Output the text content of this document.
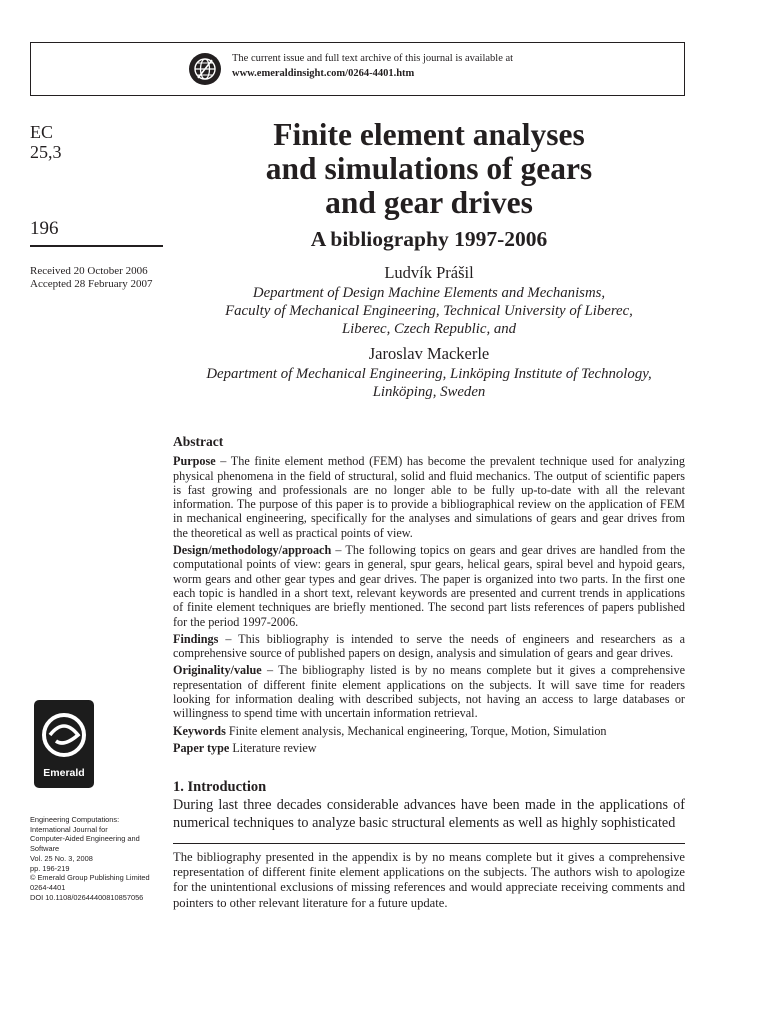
The current issue and full text archive of this journal is available at
www.emeraldinsight.com/0264-4401.htm
EC
25,3
196
Received 20 October 2006
Accepted 28 February 2007
Emerald
Engineering Computations:
International Journal for
Computer-Aided Engineering and
Software
Vol. 25 No. 3, 2008
pp. 196-219
© Emerald Group Publishing Limited
0264-4401
DOI 10.1108/02644400810857056
Finite element analyses
and simulations of gears
and gear drives
A bibliography 1997-2006
Ludvík Prášil
Department of Design Machine Elements and Mechanisms,
Faculty of Mechanical Engineering, Technical University of Liberec,
Liberec, Czech Republic, and
Jaroslav Mackerle
Department of Mechanical Engineering, Linköping Institute of Technology,
Linköping, Sweden
Abstract

Purpose – The finite element method (FEM) has become the prevalent technique used for analyzing physical phenomena in the field of structural, solid and fluid mechanics. The output of scientific papers is fast growing and professionals are no longer able to be fully up-to-date with all the relevant information. The purpose of this paper is to provide a bibliographical review on the application of FEM in mechanical engineering, specifically for the analyses and simulations of gears and gear drives from the theoretical as well as practical points of view.

Design/methodology/approach – The following topics on gears and gear drives are handled from the computational points of view: gears in general, spur gears, helical gears, spiral bevel and hypoid gears, worm gears and other gear types and gear drives. The paper is organized into two parts. In the first one each topic is handled in a short text, relevant keywords are presented and current trends in applications of finite element techniques are briefly mentioned. The second part lists references of papers published for the period 1997-2006.

Findings – This bibliography is intended to serve the needs of engineers and researchers as a comprehensive source of published papers on design, analysis and simulation of gears and gear drives.

Originality/value – The bibliography listed is by no means complete but it gives a comprehensive representation of different finite element applications on the subjects. It will save time for readers looking for information dealing with described subjects, not having an access to large databases or willingness to spend time with uncertain information retrieval.

Keywords Finite element analysis, Mechanical engineering, Torque, Motion, Simulation

Paper type Literature review

1. Introduction
During last three decades considerable advances have been made in the applications of numerical techniques to analyze basic structural elements as well as highly sophisticated
The bibliography presented in the appendix is by no means complete but it gives a comprehensive representation of different finite element applications on the subjects. The authors wish to apologize for the unintentional exclusions of missing references and would appreciate receiving comments and pointers to other relevant literature for a future update.
